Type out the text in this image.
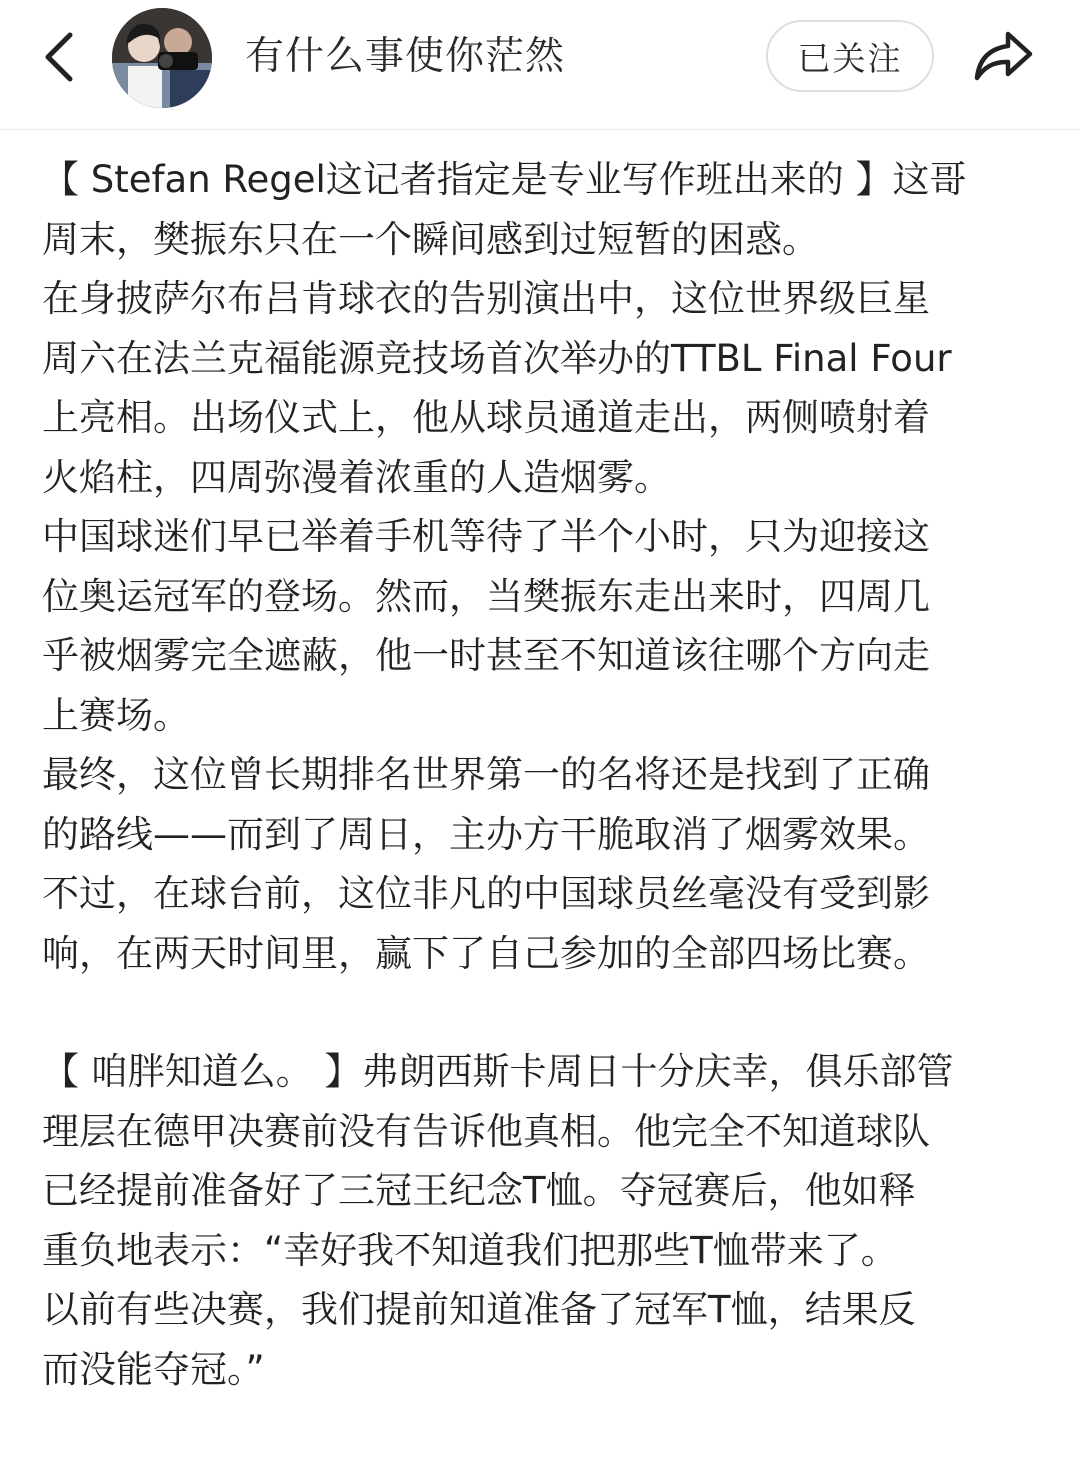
有什么事使你茫然	已关注

【 Stefan Regel这记者指定是专业写作班出来的 】这哥
周末，樊振东只在一个瞬间感到过短暂的困惑。
在身披萨尔布吕肯球衣的告别演出中，这位世界级巨星
周六在法兰克福能源竞技场首次举办的TTBL Final Four
上亮相。出场仪式上，他从球员通道走出，两侧喷射着
火焰柱，四周弥漫着浓重的人造烟雾。
中国球迷们早已举着手机等待了半个小时，只为迎接这
位奥运冠军的登场。然而，当樊振东走出来时，四周几
乎被烟雾完全遮蔽，他一时甚至不知道该往哪个方向走
上赛场。
最终，这位曾长期排名世界第一的名将还是找到了正确
的路线——而到了周日，主办方干脆取消了烟雾效果。
不过，在球台前，这位非凡的中国球员丝毫没有受到影
响，在两天时间里，赢下了自己参加的全部四场比赛。

【 咱胖知道么。 】弗朗西斯卡周日十分庆幸，俱乐部管
理层在德甲决赛前没有告诉他真相。他完全不知道球队
已经提前准备好了三冠王纪念T恤。夺冠赛后，他如释
重负地表示：“幸好我不知道我们把那些T恤带来了。
以前有些决赛，我们提前知道准备了冠军T恤，结果反
而没能夺冠。”
